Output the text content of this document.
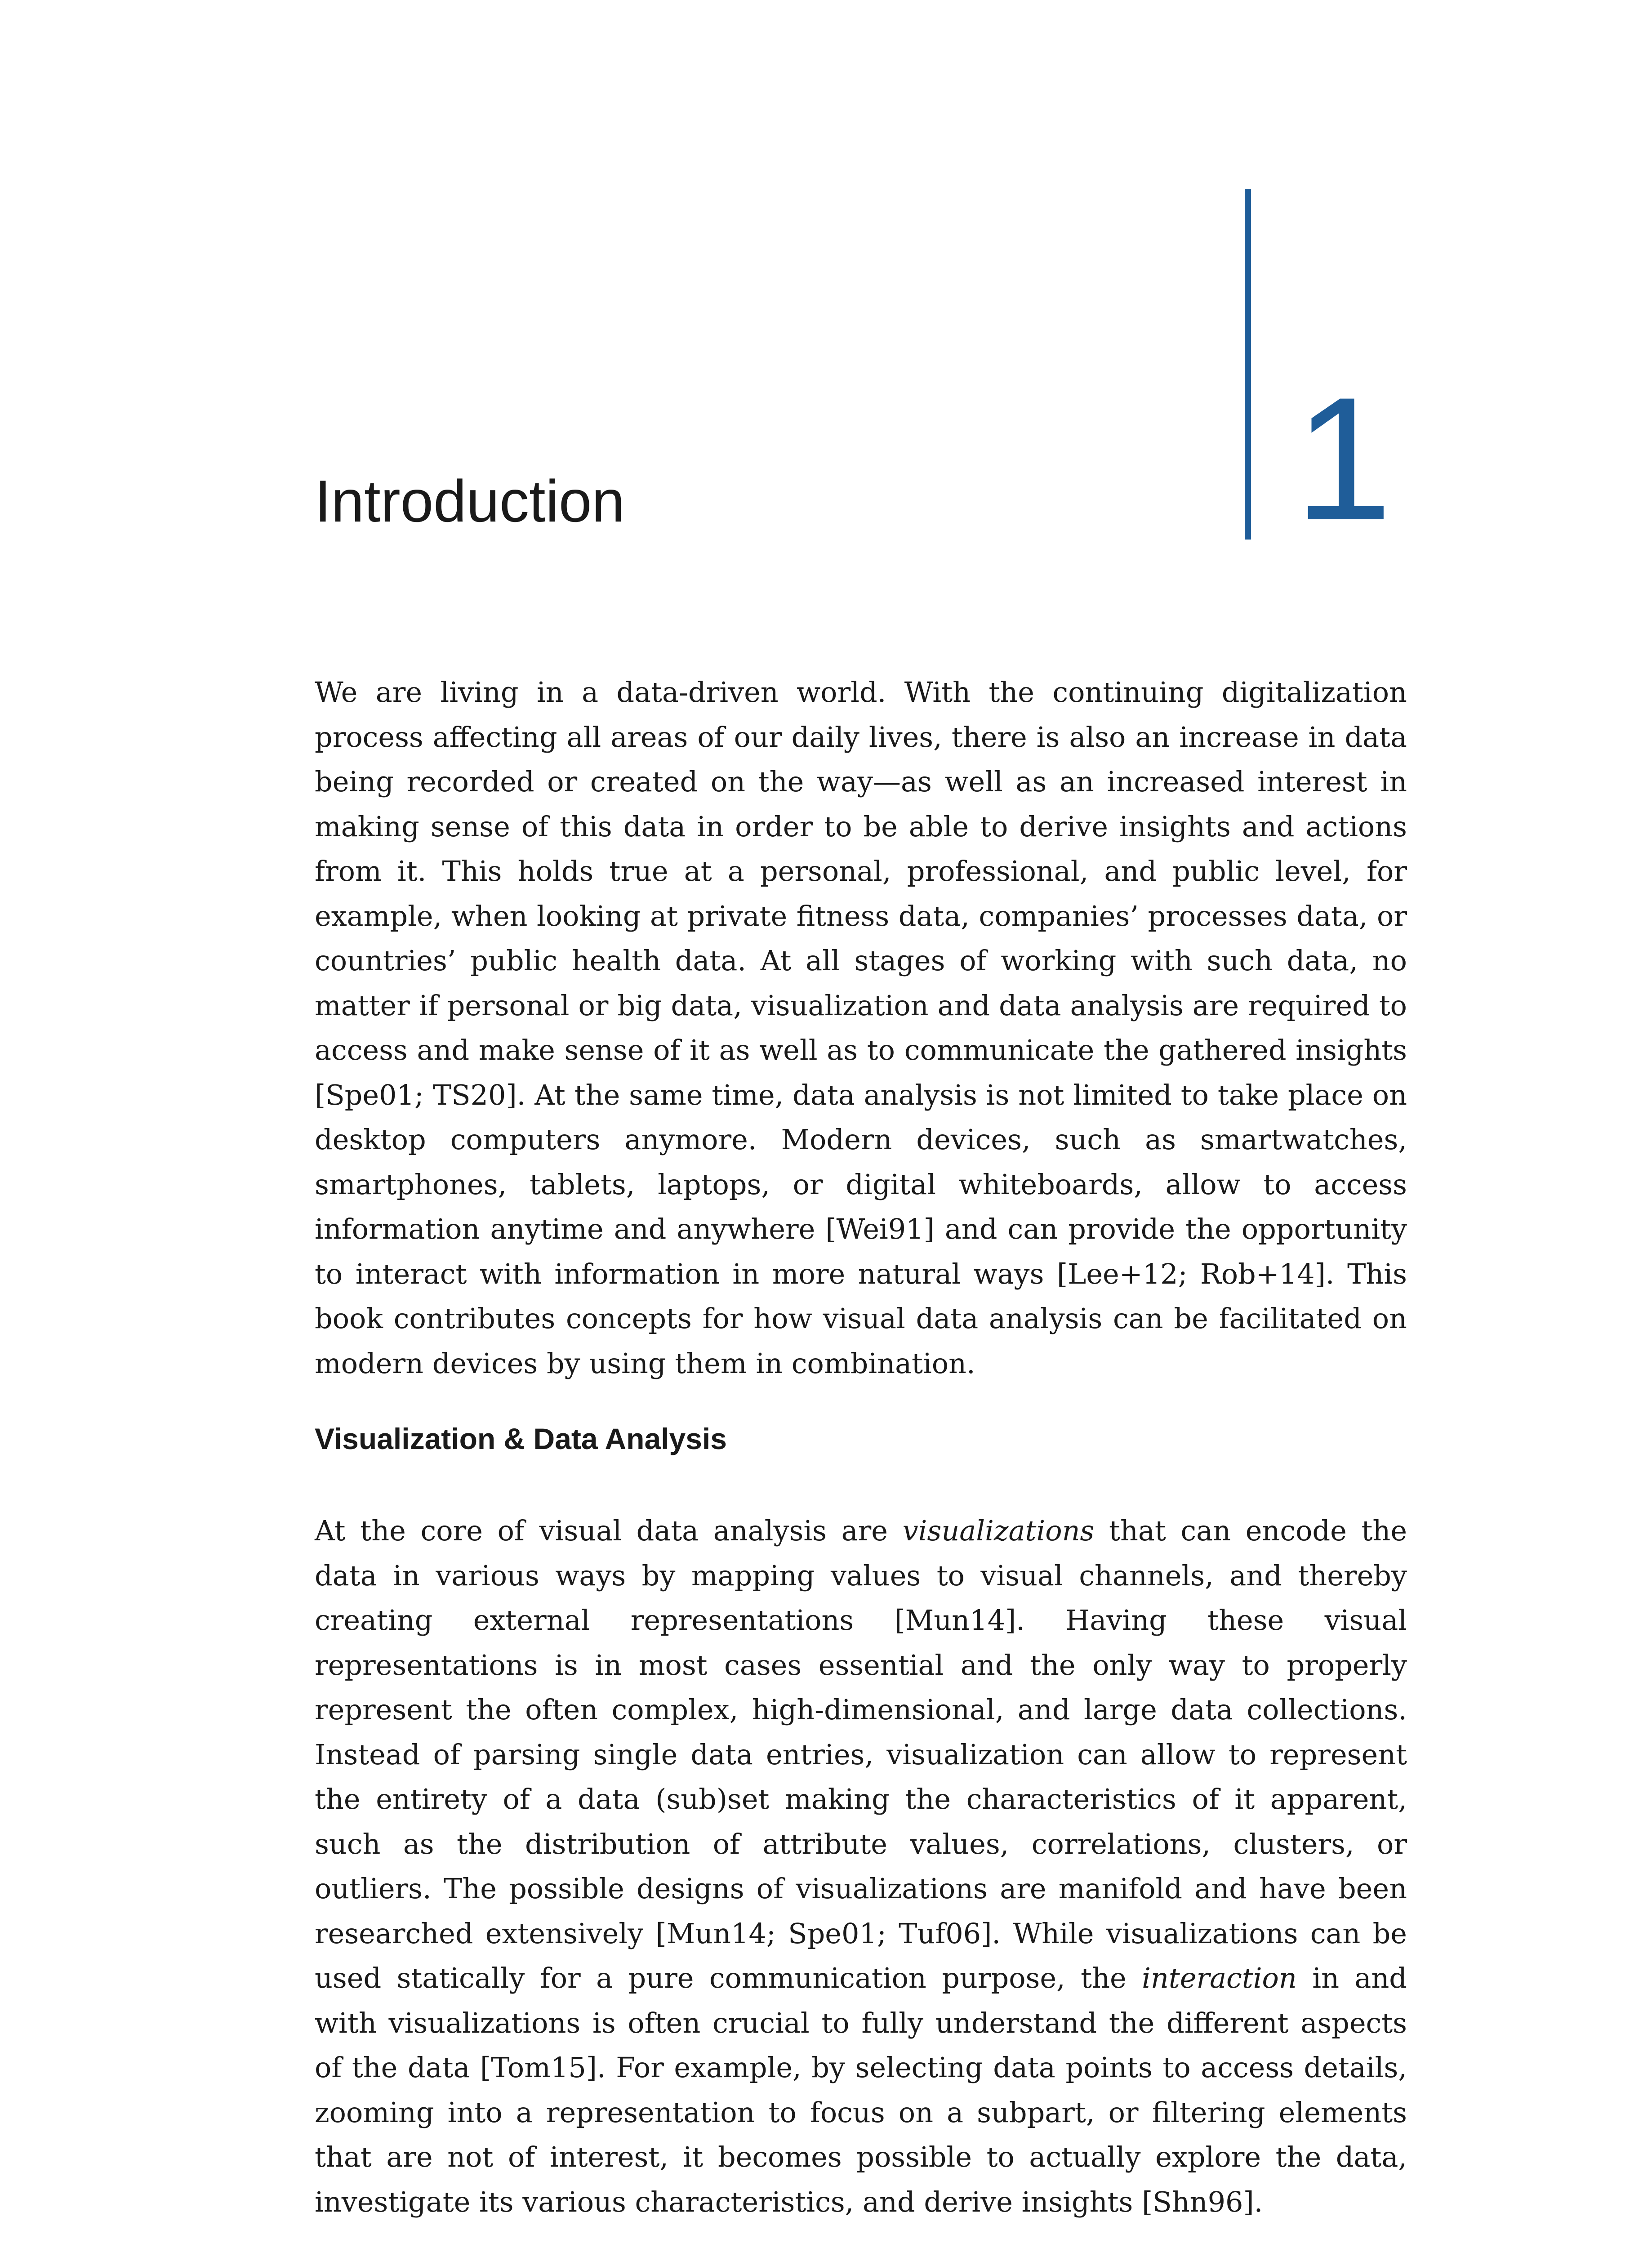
1
Introduction

We are living in a data-driven world. With the continuing digitalization process affecting all areas of our daily lives, there is also an increase in data being recorded or created on the way—as well as an increased interest in making sense of this data in order to be able to derive insights and actions from it. This holds true at a personal, professional, and public level, for example, when looking at private fitness data, companies’ processes data, or countries’ public health data. At all stages of working with such data, no matter if personal or big data, visualization and data analysis are required to access and make sense of it as well as to communicate the gathered insights [Spe01; TS20]. At the same time, data analysis is not limited to take place on desktop computers anymore. Modern devices, such as smartwatches, smartphones, tablets, laptops, or digital whiteboards, allow to access information anytime and anywhere [Wei91] and can provide the opportunity to interact with information in more natural ways [Lee+12; Rob+14]. This book contributes concepts for how visual data analysis can be facilitated on modern devices by using them in combination.

Visualization & Data Analysis

At the core of visual data analysis are visualizations that can encode the data in various ways by mapping values to visual channels, and thereby creating external representations [Mun14]. Having these visual representations is in most cases essential and the only way to properly represent the often complex, high-dimensional, and large data collections. Instead of parsing single data entries, visualization can allow to represent the entirety of a data (sub)set making the characteristics of it apparent, such as the distribution of attribute values, correlations, clusters, or outliers. The possible designs of visualizations are manifold and have been researched extensively [Mun14; Spe01; Tuf06]. While visualizations can be used statically for a pure communication purpose, the interaction in and with visualizations is often crucial to fully understand the different aspects of the data [Tom15]. For example, by selecting data points to access details, zooming into a representation to focus on a subpart, or filtering elements that are not of interest, it becomes possible to actually explore the data, investigate its various characteristics, and derive insights [Shn96].
